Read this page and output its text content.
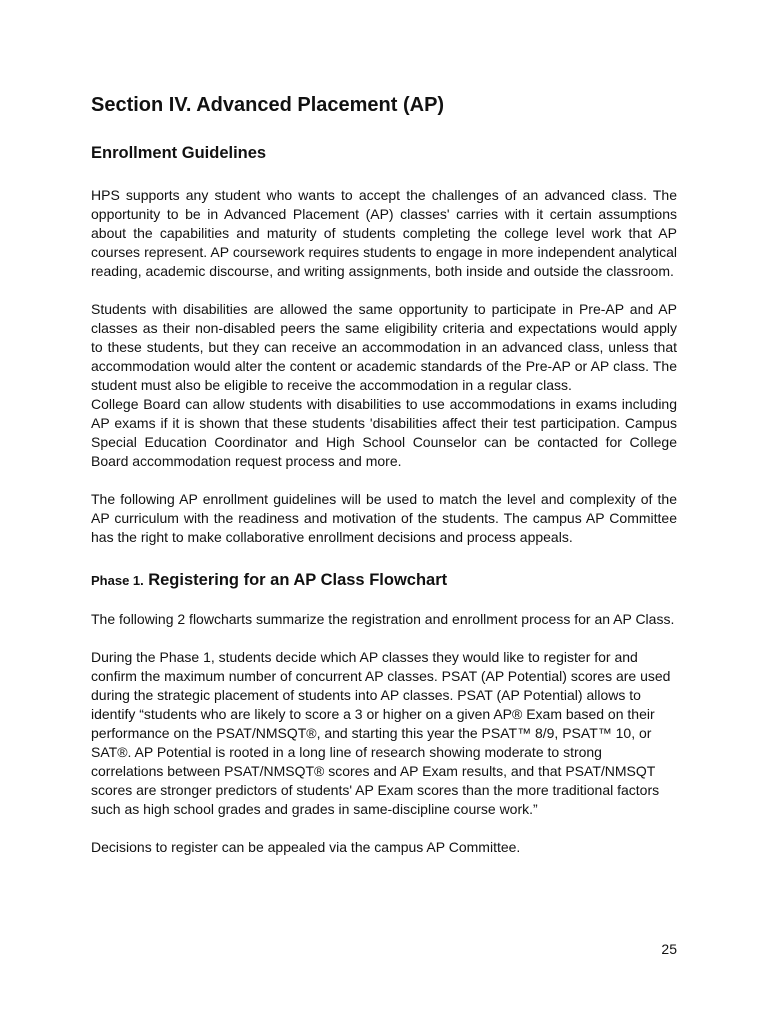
Section IV. Advanced Placement (AP)
Enrollment Guidelines

HPS supports any student who wants to accept the challenges of an advanced class. The opportunity to be in Advanced Placement (AP) classes' carries with it certain assumptions about the capabilities and maturity of students completing the college level work that AP courses represent. AP coursework requires students to engage in more independent analytical reading, academic discourse, and writing assignments, both inside and outside the classroom.

Students with disabilities are allowed the same opportunity to participate in Pre-AP and AP classes as their non-disabled peers the same eligibility criteria and expectations would apply to these students, but they can receive an accommodation in an advanced class, unless that accommodation would alter the content or academic standards of the Pre-AP or AP class. The student must also be eligible to receive the accommodation in a regular class.

College Board can allow students with disabilities to use accommodations in exams including AP exams if it is shown that these students 'disabilities affect their test participation. Campus Special Education Coordinator and High School Counselor can be contacted for College Board accommodation request process and more.

The following AP enrollment guidelines will be used to match the level and complexity of the AP curriculum with the readiness and motivation of the students. The campus AP Committee has the right to make collaborative enrollment decisions and process appeals.

Phase 1. Registering for an AP Class Flowchart

The following 2 flowcharts summarize the registration and enrollment process for an AP Class.

During the Phase 1, students decide which AP classes they would like to register for and confirm the maximum number of concurrent AP classes. PSAT (AP Potential) scores are used during the strategic placement of students into AP classes. PSAT (AP Potential) allows to identify “students who are likely to score a 3 or higher on a given AP® Exam based on their performance on the PSAT/NMSQT®, and starting this year the PSAT™ 8/9, PSAT™ 10, or SAT®. AP Potential is rooted in a long line of research showing moderate to strong correlations between PSAT/NMSQT® scores and AP Exam results, and that PSAT/NMSQT scores are stronger predictors of students' AP Exam scores than the more traditional factors such as high school grades and grades in same-discipline course work.”

Decisions to register can be appealed via the campus AP Committee.

25
